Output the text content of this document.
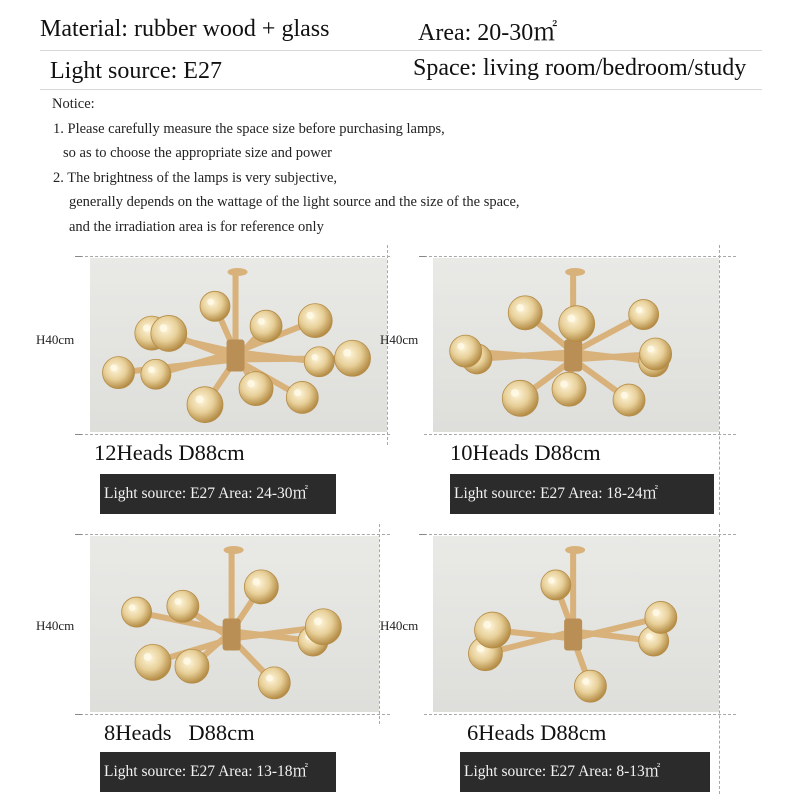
Material: rubber wood + glass	Area: 20-30㎡
Light source: E27	Space: living room/bedroom/study
Notice:
1. Please carefully measure the space size before purchasing lamps,
so as to choose the appropriate size and power
2. The brightness of the lamps is very subjective,
generally depends on the wattage of the light source and the size of the space,
and the irradiation area is for reference only
H40cm
12Heads D88cm
Light source: E27 Area: 24-30㎡
H40cm
10Heads D88cm
Light source: E27 Area: 18-24㎡
H40cm
8Heads   D88cm
Light source: E27 Area: 13-18㎡
H40cm
6Heads D88cm
Light source: E27 Area: 8-13㎡
